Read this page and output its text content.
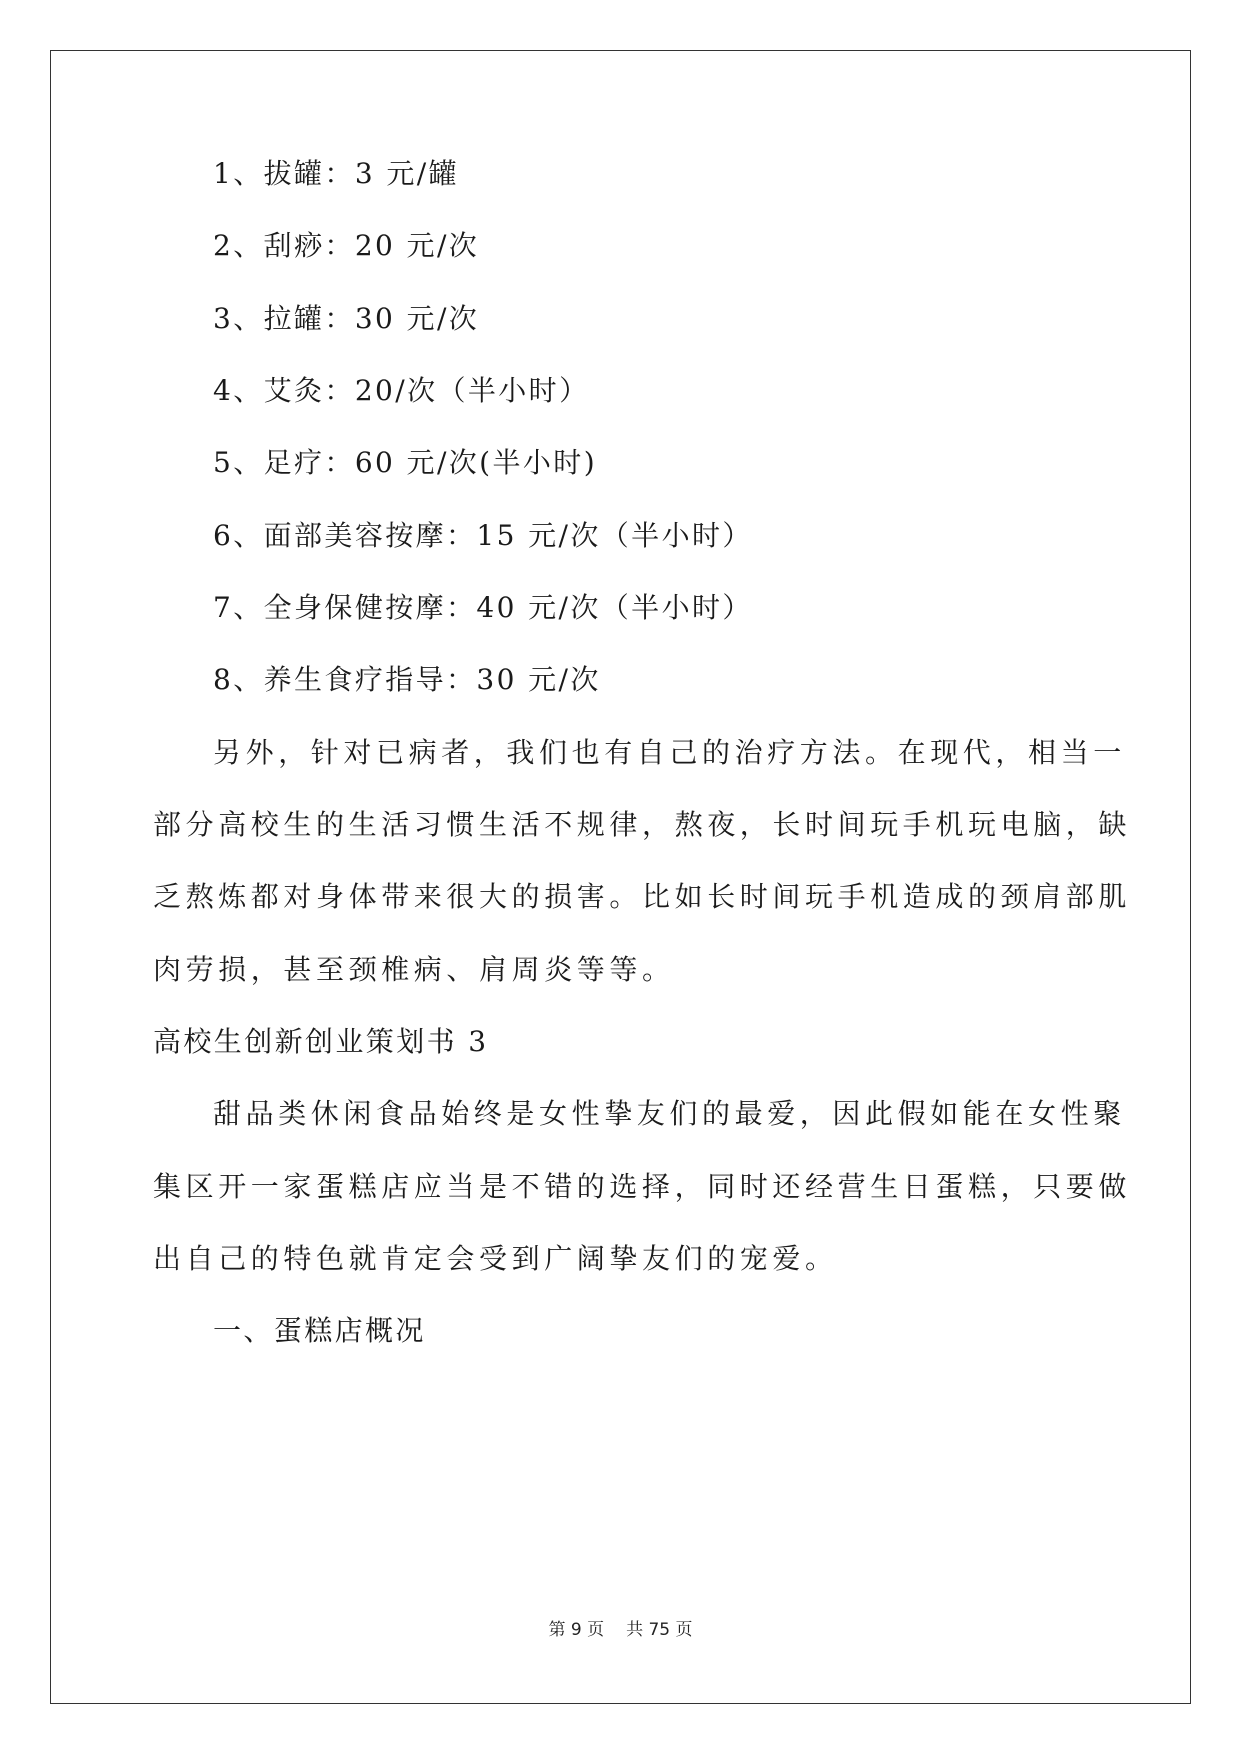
1、拔罐：3 元/罐
2、刮痧：20 元/次
3、拉罐：30 元/次
4、艾灸：20/次（半小时）
5、足疗：60 元/次(半小时)
6、面部美容按摩：15 元/次（半小时）
7、全身保健按摩：40 元/次（半小时）
8、养生食疗指导：30 元/次
另外，针对已病者，我们也有自己的治疗方法。在现代，相当一
部分高校生的生活习惯生活不规律，熬夜，长时间玩手机玩电脑，缺
乏熬炼都对身体带来很大的损害。比如长时间玩手机造成的颈肩部肌
肉劳损，甚至颈椎病、肩周炎等等。
高校生创新创业策划书 3
甜品类休闲食品始终是女性挚友们的最爱，因此假如能在女性聚
集区开一家蛋糕店应当是不错的选择，同时还经营生日蛋糕，只要做
出自己的特色就肯定会受到广阔挚友们的宠爱。
一、蛋糕店概况
第 9 页 共 75 页
